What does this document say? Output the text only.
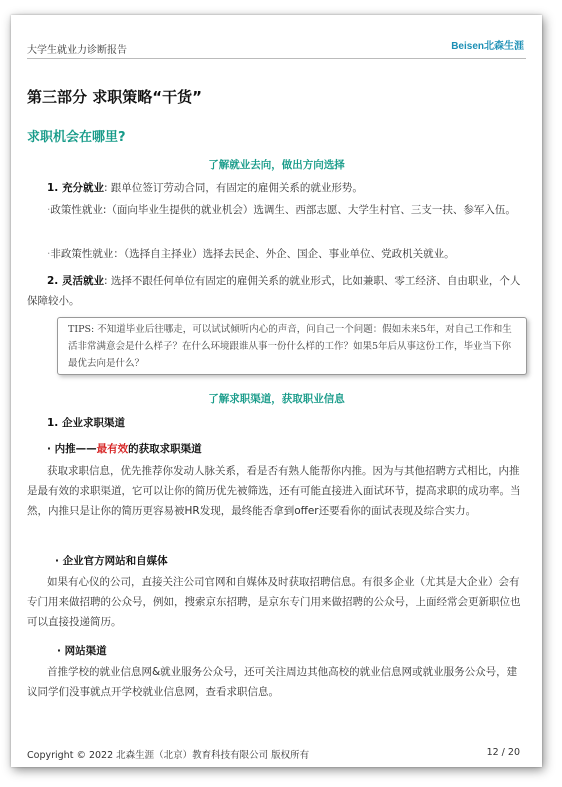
大学生就业力诊断报告	Beisen北森生涯
第三部分 求职策略“干货”
求职机会在哪里?
了解就业去向，做出方向选择
1. 充分就业: 跟单位签订劳动合同，有固定的雇佣关系的就业形势。
·政策性就业:（面向毕业生提供的就业机会）选调生、西部志愿、大学生村官、三支一扶、参军入伍。
·非政策性就业：（选择自主择业）选择去民企、外企、国企、事业单位、党政机关就业。
2. 灵活就业: 选择不跟任何单位有固定的雇佣关系的就业形式，比如兼职、零工经济、自由职业，个人保障较小。
TIPS: 不知道毕业后往哪走，可以试试倾听内心的声音，问自己一个问题：假如未来5年，对自己工作和生活非常满意会是什么样子？在什么环境跟谁从事一份什么样的工作？如果5年后从事这份工作，毕业当下你最优去向是什么？
了解求职渠道，获取职业信息
1. 企业求职渠道
· 内推——最有效的获取求职渠道
获取求职信息，优先推荐你发动人脉关系，看是否有熟人能帮你内推。因为与其他招聘方式相比，内推是最有效的求职渠道，它可以让你的简历优先被筛选，还有可能直接进入面试环节，提高求职的成功率。当然，内推只是让你的简历更容易被HR发现，最终能否拿到offer还要看你的面试表现及综合实力。
· 企业官方网站和自媒体
如果有心仪的公司，直接关注公司官网和自媒体及时获取招聘信息。有很多企业（尤其是大企业）会有专门用来做招聘的公众号，例如，搜索京东招聘，是京东专门用来做招聘的公众号，上面经常会更新职位也可以直接投递简历。
· 网站渠道
首推学校的就业信息网&就业服务公众号，还可关注周边其他高校的就业信息网或就业服务公众号，建议同学们没事就点开学校就业信息网，查看求职信息。
Copyright © 2022 北森生涯（北京）教育科技有限公司 版权所有	12 / 20
